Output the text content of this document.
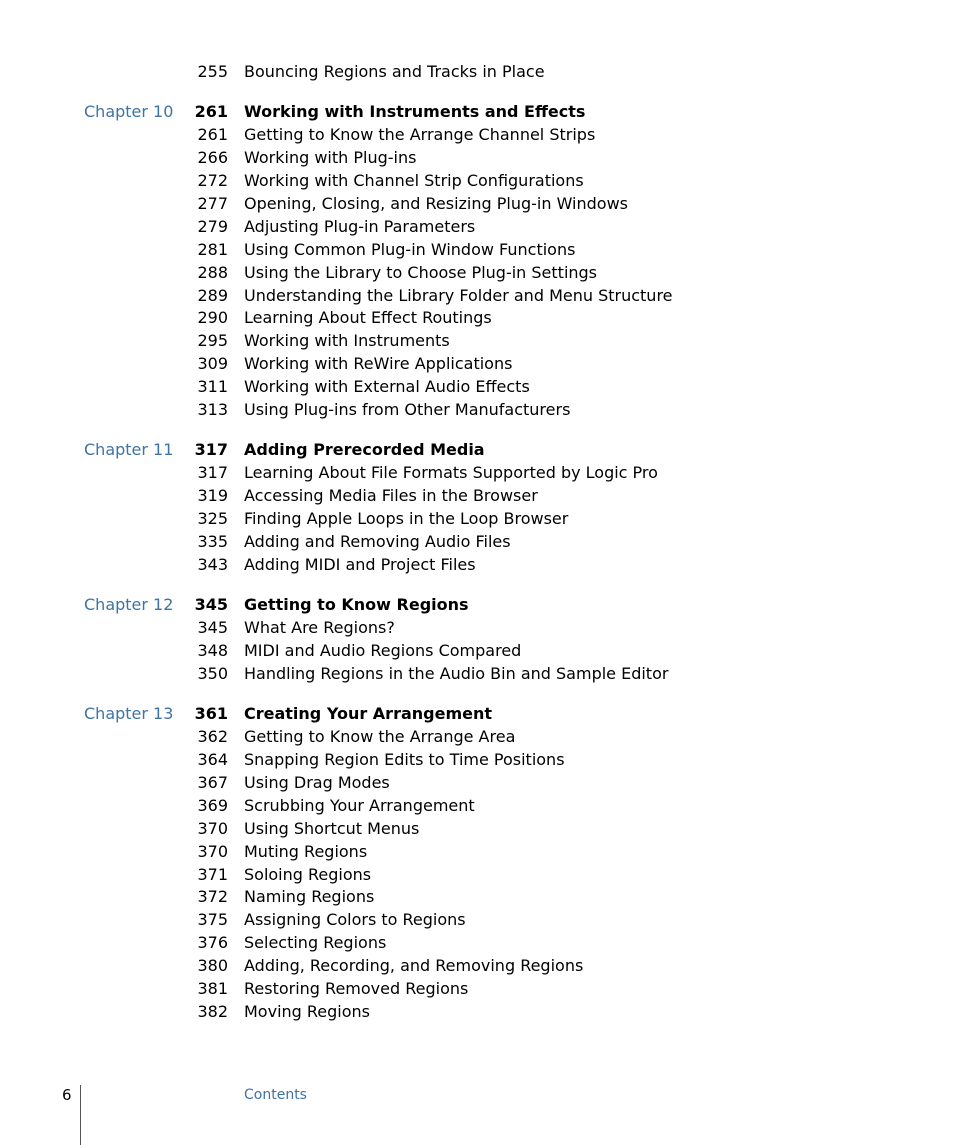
255 Bouncing Regions and Tracks in Place
Chapter 10 261 Working with Instruments and Effects
261 Getting to Know the Arrange Channel Strips
266 Working with Plug-ins
272 Working with Channel Strip Configurations
277 Opening, Closing, and Resizing Plug-in Windows
279 Adjusting Plug-in Parameters
281 Using Common Plug-in Window Functions
288 Using the Library to Choose Plug-in Settings
289 Understanding the Library Folder and Menu Structure
290 Learning About Effect Routings
295 Working with Instruments
309 Working with ReWire Applications
311 Working with External Audio Effects
313 Using Plug-ins from Other Manufacturers
Chapter 11 317 Adding Prerecorded Media
317 Learning About File Formats Supported by Logic Pro
319 Accessing Media Files in the Browser
325 Finding Apple Loops in the Loop Browser
335 Adding and Removing Audio Files
343 Adding MIDI and Project Files
Chapter 12 345 Getting to Know Regions
345 What Are Regions?
348 MIDI and Audio Regions Compared
350 Handling Regions in the Audio Bin and Sample Editor
Chapter 13 361 Creating Your Arrangement
362 Getting to Know the Arrange Area
364 Snapping Region Edits to Time Positions
367 Using Drag Modes
369 Scrubbing Your Arrangement
370 Using Shortcut Menus
370 Muting Regions
371 Soloing Regions
372 Naming Regions
375 Assigning Colors to Regions
376 Selecting Regions
380 Adding, Recording, and Removing Regions
381 Restoring Removed Regions
382 Moving Regions
6	Contents
